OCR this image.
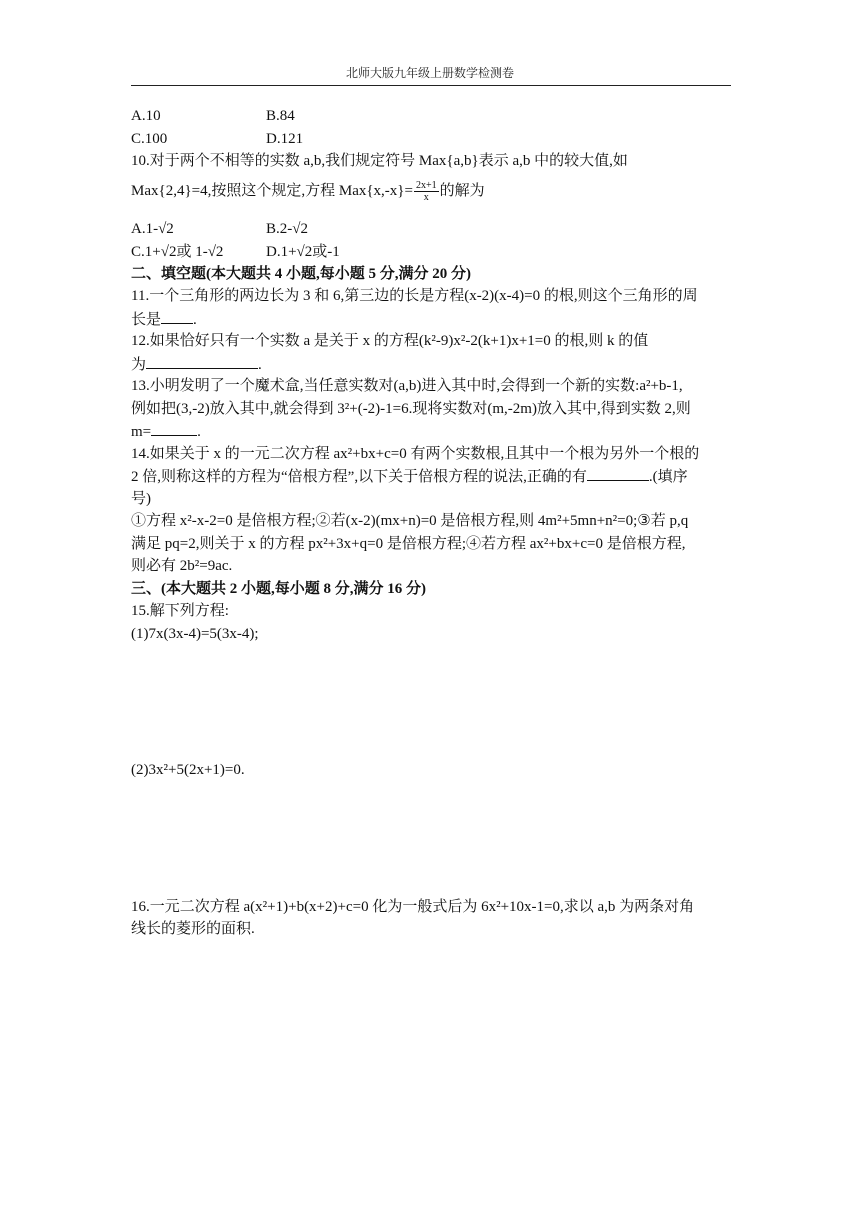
北师大版九年级上册数学检测卷
A.10	B.84
C.100	D.121
10.对于两个不相等的实数 a,b,我们规定符号 Max{a,b}表示 a,b 中的较大值,如
Max{2,4}=4,按照这个规定,方程 $Max\{x,-x\}= \frac{2x+1}{x}$ 的解为
A.1-√2	B.2-√2
C.1+√2或 1-√2	D.1+√2或-1
二、填空题(本大题共 4 小题,每小题 5 分,满分 20 分)
11.一个三角形的两边长为 3 和 6,第三边的长是方程(x-2)(x-4)=0 的根,则这个三角形的周
长是 .
12.如果恰好只有一个实数 a 是关于 x 的方程(k²-9)x²-2(k+1)x+1=0 的根,则 k 的值
为	.
13.小明发明了一个魔术盒,当任意实数对(a,b)进入其中时,会得到一个新的实数:a²+b-1,
例如把(3,-2)放入其中,就会得到 3²+(-2)-1=6.现将实数对(m,-2m)放入其中,得到实数 2,则
m=	.
14.如果关于 x 的一元二次方程 ax²+bx+c=0 有两个实数根,且其中一个根为另外一个根的
2 倍,则称这样的方程为“倍根方程”,以下关于倍根方程的说法,正确的有	.(填序
号)
①方程 x²-x-2=0 是倍根方程;②若(x-2)(mx+n)=0 是倍根方程,则 4m²+5mn+n²=0;③若 p,q
满足 pq=2,则关于 x 的方程 px²+3x+q=0 是倍根方程;④若方程 ax²+bx+c=0 是倍根方程,
则必有 2b²=9ac.
三、(本大题共 2 小题,每小题 8 分,满分 16 分)
15.解下列方程:
(1)7x(3x-4)=5(3x-4);
(2)3x²+5(2x+1)=0.
16.一元二次方程 a(x²+1)+b(x+2)+c=0 化为一般式后为 6x²+10x-1=0,求以 a,b 为两条对角
线长的菱形的面积.
